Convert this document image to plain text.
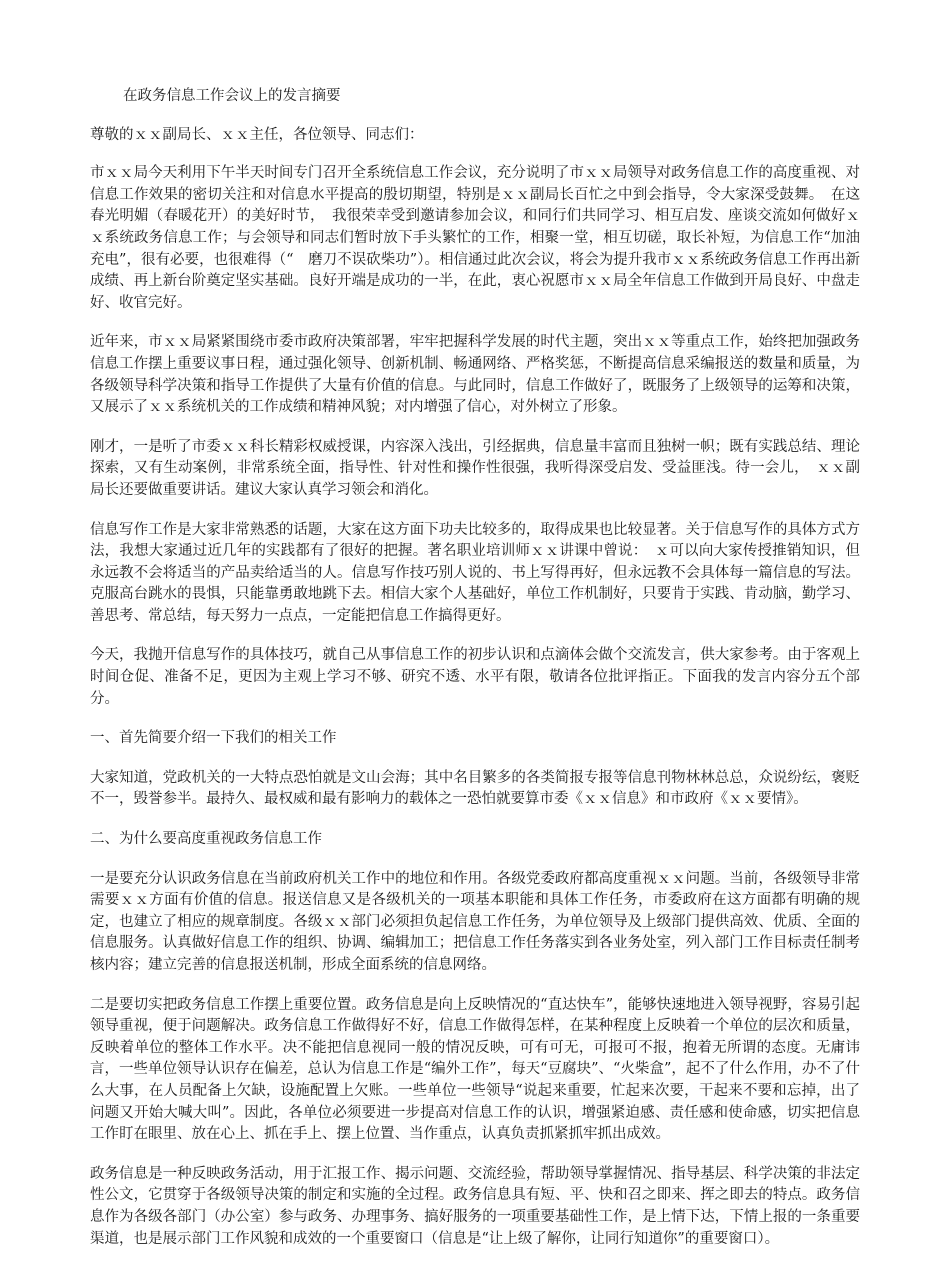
在政务信息工作会议上的发言摘要
尊敬的ｘｘ副局长、ｘｘ主任，各位领导、同志们：
市ｘｘ局今天利用下午半天时间专门召开全系统信息工作会议，充分说明了市ｘｘ局领导对政务信息工作的高度重视、对信息工作效果的密切关注和对信息水平提高的殷切期望，特别是ｘｘ副局长百忙之中到会指导，令大家深受鼓舞。　在这春光明媚（春暖花开）的美好时节，　我很荣幸受到邀请参加会议，和同行们共同学习、相互启发、座谈交流如何做好ｘｘ系统政务信息工作；与会领导和同志们暂时放下手头繁忙的工作，相聚一堂，相互切磋，取长补短，为信息工作“加油充电”，很有必要，也很难得（“　磨刀不误砍柴功”）。相信通过此次会议，将会为提升我市ｘｘ系统政务信息工作再出新成绩、再上新台阶奠定坚实基础。良好开端是成功的一半，在此，衷心祝愿市ｘｘ局全年信息工作做到开局良好、中盘走好、收官完好。
近年来，市ｘｘ局紧紧围绕市委市政府决策部署，牢牢把握科学发展的时代主题，突出ｘｘ等重点工作，始终把加强政务信息工作摆上重要议事日程，通过强化领导、创新机制、畅通网络、严格奖惩，不断提高信息采编报送的数量和质量，为各级领导科学决策和指导工作提供了大量有价值的信息。与此同时，信息工作做好了，既服务了上级领导的运筹和决策，又展示了ｘｘ系统机关的工作成绩和精神风貌；对内增强了信心，对外树立了形象。
刚才，一是听了市委ｘｘ科长精彩权威授课，内容深入浅出，引经据典，信息量丰富而且独树一帜；既有实践总结、理论探索，又有生动案例，非常系统全面，指导性、针对性和操作性很强，我听得深受启发、受益匪浅。待一会儿，　ｘｘ副局长还要做重要讲话。建议大家认真学习领会和消化。
信息写作工作是大家非常熟悉的话题，大家在这方面下功夫比较多的，取得成果也比较显著。关于信息写作的具体方式方法，我想大家通过近几年的实践都有了很好的把握。著名职业培训师ｘｘ讲课中曾说：　ｘ可以向大家传授推销知识，但永远教不会将适当的产品卖给适当的人。信息写作技巧别人说的、书上写得再好，但永远教不会具体每一篇信息的写法。克服高台跳水的畏惧，只能靠勇敢地跳下去。相信大家个人基础好，单位工作机制好，只要肯于实践、肯动脑，勤学习、善思考、常总结，每天努力一点点，一定能把信息工作搞得更好。
今天，我抛开信息写作的具体技巧，就自己从事信息工作的初步认识和点滴体会做个交流发言，供大家参考。由于客观上时间仓促、准备不足，更因为主观上学习不够、研究不透、水平有限，敬请各位批评指正。下面我的发言内容分五个部分。
一、首先简要介绍一下我们的相关工作
大家知道，党政机关的一大特点恐怕就是文山会海；其中名目繁多的各类简报专报等信息刊物林林总总，众说纷纭，褒贬不一，毁誉参半。最持久、最权威和最有影响力的载体之一恐怕就要算市委《ｘｘ信息》和市政府《ｘｘ要情》。
二、为什么要高度重视政务信息工作
一是要充分认识政务信息在当前政府机关工作中的地位和作用。各级党委政府都高度重视ｘｘ问题。当前，各级领导非常需要ｘｘ方面有价值的信息。报送信息又是各级机关的一项基本职能和具体工作任务，市委政府在这方面都有明确的规定，也建立了相应的规章制度。各级ｘｘ部门必须担负起信息工作任务，为单位领导及上级部门提供高效、优质、全面的信息服务。认真做好信息工作的组织、协调、编辑加工；把信息工作任务落实到各业务处室，列入部门工作目标责任制考核内容；建立完善的信息报送机制，形成全面系统的信息网络。
二是要切实把政务信息工作摆上重要位置。政务信息是向上反映情况的“直达快车”，能够快速地进入领导视野，容易引起领导重视，便于问题解决。政务信息工作做得好不好，信息工作做得怎样，在某种程度上反映着一个单位的层次和质量，反映着单位的整体工作水平。决不能把信息视同一般的情况反映，可有可无，可报可不报，抱着无所谓的态度。无庸讳言，一些单位领导认识存在偏差，总认为信息工作是“编外工作”，每天“豆腐块”、“火柴盒”，起不了什么作用，办不了什么大事，在人员配备上欠缺，设施配置上欠账。一些单位一些领导“说起来重要，忙起来次要，干起来不要和忘掉，出了问题又开始大喊大叫”。因此，各单位必须要进一步提高对信息工作的认识，增强紧迫感、责任感和使命感，切实把信息工作盯在眼里、放在心上、抓在手上、摆上位置、当作重点，认真负责抓紧抓牢抓出成效。
政务信息是一种反映政务活动，用于汇报工作、揭示问题、交流经验，帮助领导掌握情况、指导基层、科学决策的非法定性公文，它贯穿于各级领导决策的制定和实施的全过程。政务信息具有短、平、快和召之即来、挥之即去的特点。政务信息作为各级各部门（办公室）参与政务、办理事务、搞好服务的一项重要基础性工作，是上情下达，下情上报的一条重要渠道，也是展示部门工作风貌和成效的一个重要窗口（信息是“让上级了解你，让同行知道你”的重要窗口）。
